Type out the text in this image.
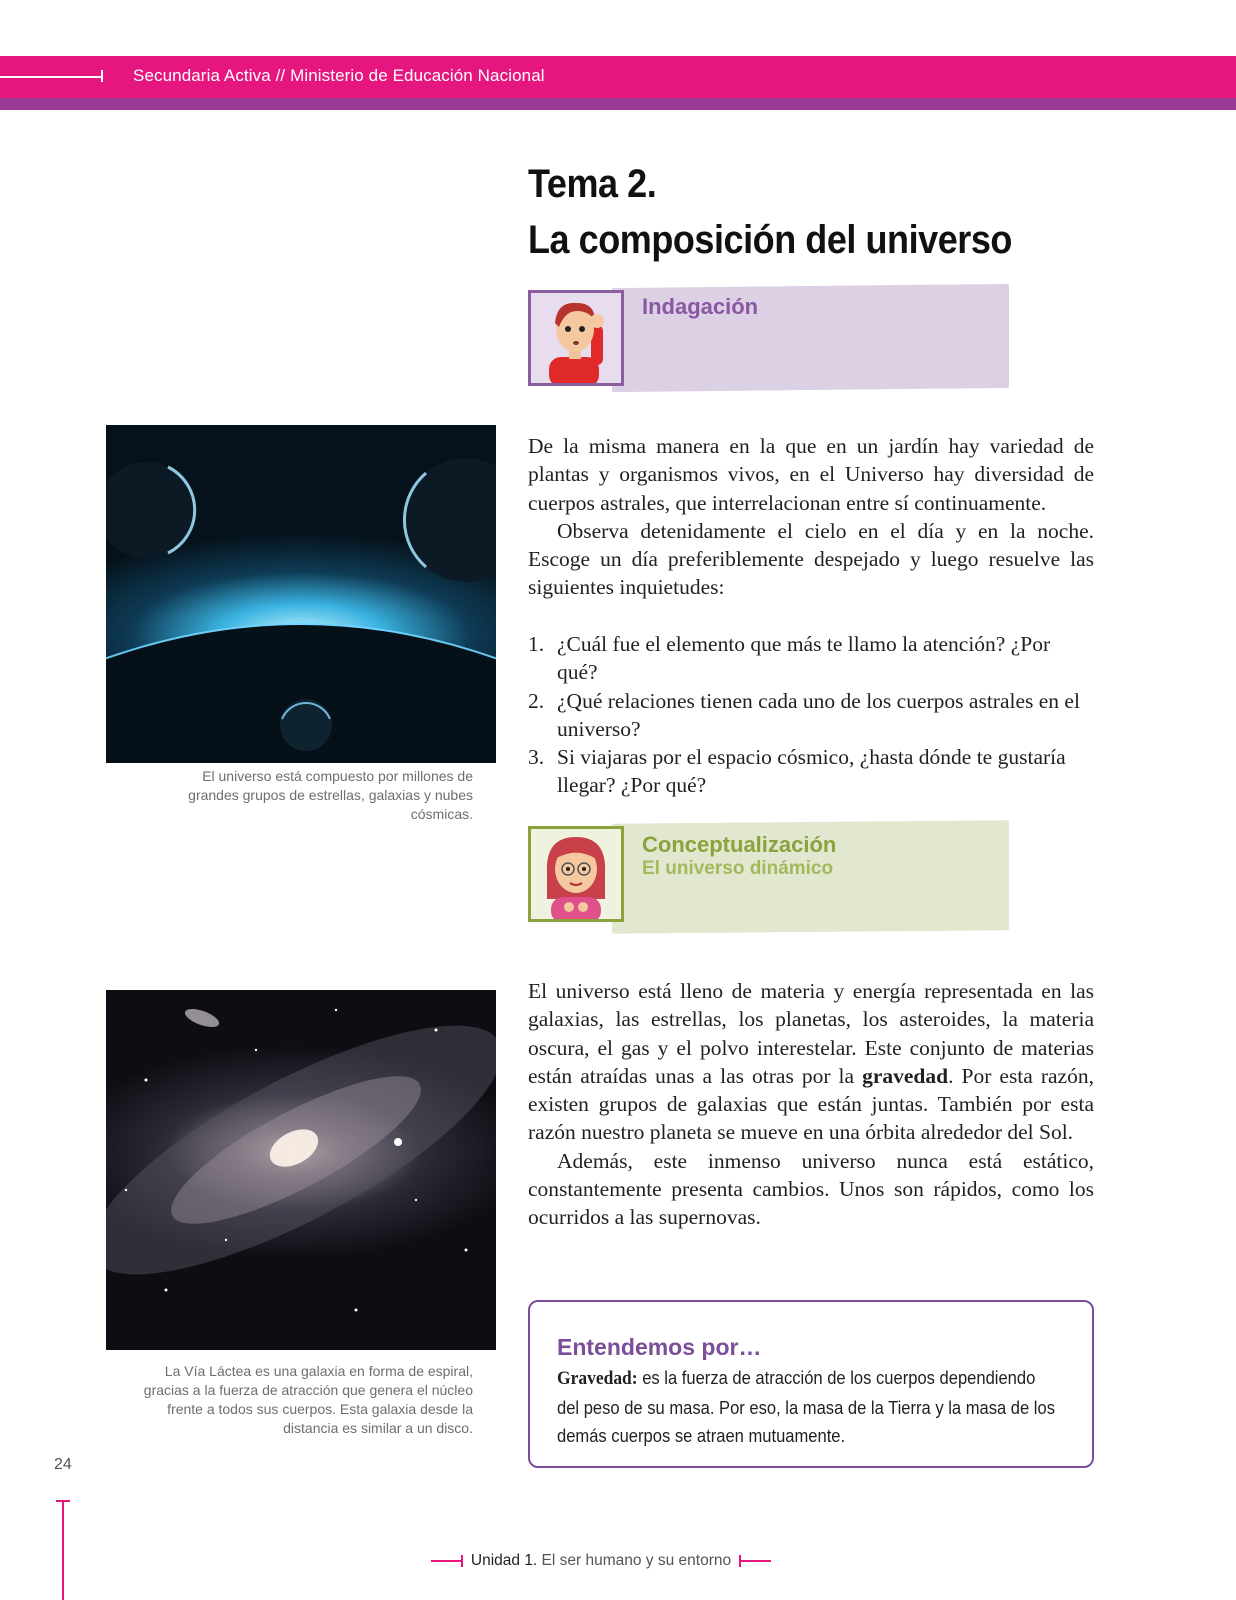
Secundaria Activa // Ministerio de Educación Nacional
Tema 2.
La composición del universo
Indagación
El universo está compuesto por millones de grandes grupos de estrellas, galaxias y nubes cósmicas.

De la misma manera en la que en un jardín hay variedad de plantas y organismos vivos, en el Universo hay diversidad de cuerpos astrales, que interrelacionan entre sí continuamente.

Observa detenidamente el cielo en el día y en la noche. Escoge un día preferiblemente despejado y luego resuelve las siguientes inquietudes:

1. ¿Cuál fue el elemento que más te llamo la atención? ¿Por qué?
2. ¿Qué relaciones tienen cada uno de los cuerpos astrales en el universo?
3. Si viajaras por el espacio cósmico, ¿hasta dónde te gustaría llegar? ¿Por qué?
Conceptualización
El universo dinámico
La Vía Láctea es una galaxia en forma de espiral, gracias a la fuerza de atracción que genera el núcleo frente a todos sus cuerpos. Esta galaxia desde la distancia es similar a un disco.

El universo está lleno de materia y energía representada en las galaxias, las estrellas, los planetas, los asteroides, la materia oscura, el gas y el polvo interestelar. Este conjunto de materias están atraídas unas a las otras por la gravedad. Por esta razón, existen grupos de galaxias que están juntas. También por esta razón nuestro planeta se mueve en una órbita alrededor del Sol.

Además, este inmenso universo nunca está estático, constantemente presenta cambios. Unos son rápidos, como los ocurridos a las supernovas.

Entendemos por…
Gravedad: es la fuerza de atracción de los cuerpos dependiendo
del peso de su masa. Por eso, la masa de la Tierra y la masa de los
demás cuerpos se atraen mutuamente.
24
Unidad 1. El ser humano y su entorno
